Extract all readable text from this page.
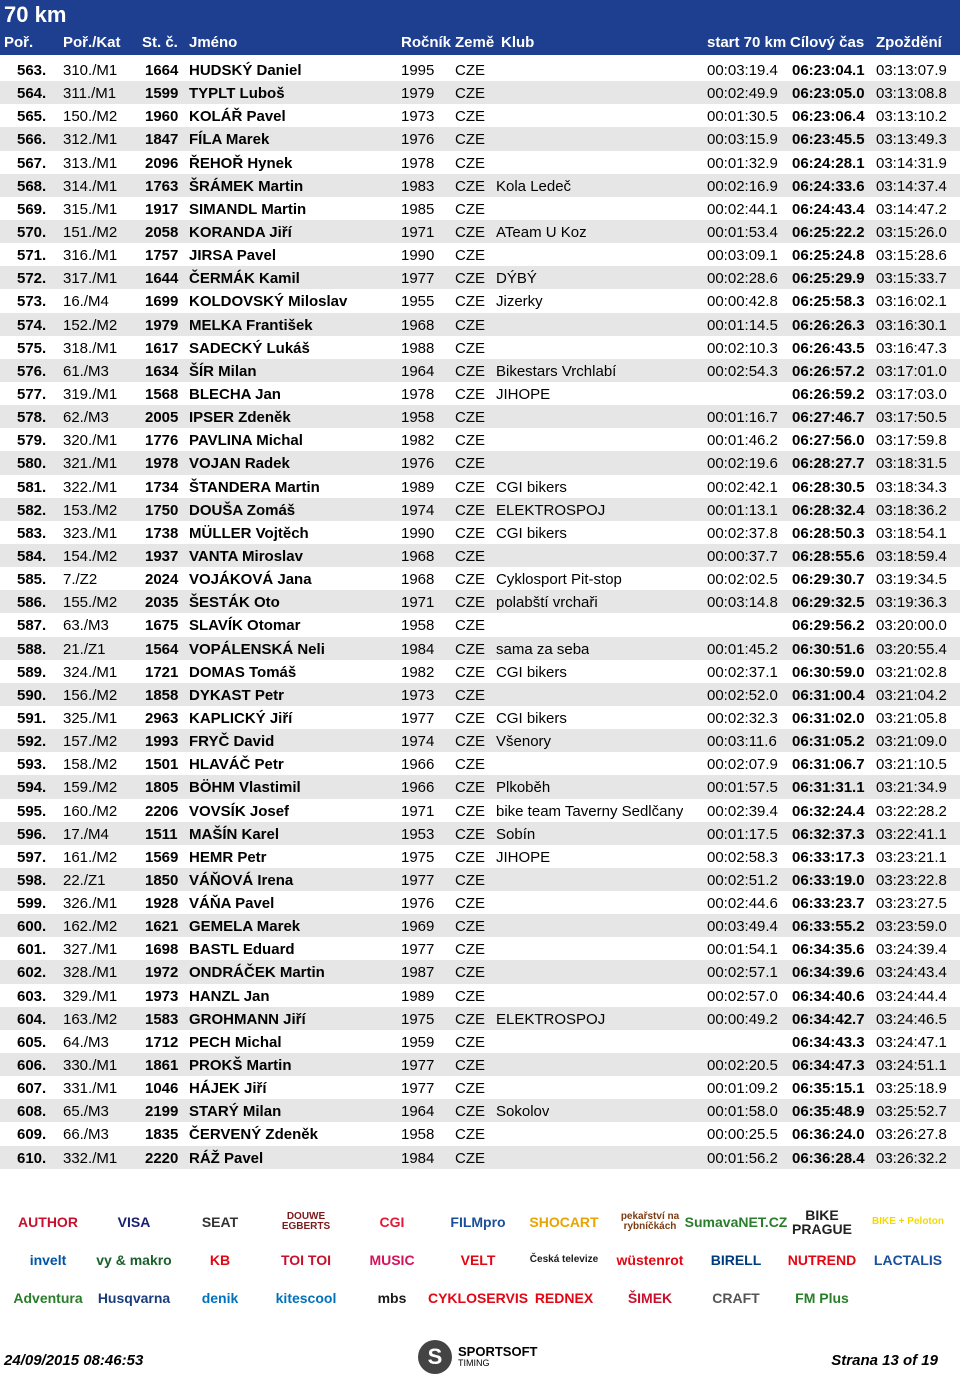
70 km
Poř. Poř./Kat St. č. Jméno	Ročník Země Klub	start 70 km Cílový čas Zpoždění
563. 310./M1 1664 HUDSKÝ Daniel	1995 CZE	00:03:19.4 06:23:04.1 03:13:07.9
564. 311./M1 1599 TYPLT Luboš	1979 CZE	00:02:49.9 06:23:05.0 03:13:08.8
565. 150./M2 1960 KOLÁŘ Pavel	1973 CZE	00:01:30.5 06:23:06.4 03:13:10.2
566. 312./M1 1847 FÍLA Marek	1976 CZE	00:03:15.9 06:23:45.5 03:13:49.3
567. 313./M1 2096 ŘEHOŘ Hynek	1978 CZE	00:01:32.9 06:24:28.1 03:14:31.9
568. 314./M1 1763 ŠRÁMEK Martin	1983 CZE Kola Ledeč	00:02:16.9 06:24:33.6 03:14:37.4
569. 315./M1 1917 SIMANDL Martin	1985 CZE	00:02:44.1 06:24:43.4 03:14:47.2
570. 151./M2 2058 KORANDA Jiří	1971 CZE ATeam U Koz	00:01:53.4 06:25:22.2 03:15:26.0
571. 316./M1 1757 JIRSA Pavel	1990 CZE	00:03:09.1 06:25:24.8 03:15:28.6
572. 317./M1 1644 ČERMÁK Kamil	1977 CZE DÝBÝ	00:02:28.6 06:25:29.9 03:15:33.7
573. 16./M4 1699 KOLDOVSKÝ Miloslav	1955 CZE Jizerky	00:00:42.8 06:25:58.3 03:16:02.1
574. 152./M2 1979 MELKA František	1968 CZE	00:01:14.5 06:26:26.3 03:16:30.1
575. 318./M1 1617 SADECKÝ Lukáš	1988 CZE	00:02:10.3 06:26:43.5 03:16:47.3
576. 61./M3 1634 ŠÍR Milan	1964 CZE Bikestars Vrchlabí	00:02:54.3 06:26:57.2 03:17:01.0
577. 319./M1 1568 BLECHA Jan	1978 CZE JIHOPE	06:26:59.2 03:17:03.0
578. 62./M3 2005 IPSER Zdeněk	1958 CZE	00:01:16.7 06:27:46.7 03:17:50.5
579. 320./M1 1776 PAVLINA Michal	1982 CZE	00:01:46.2 06:27:56.0 03:17:59.8
580. 321./M1 1978 VOJAN Radek	1976 CZE	00:02:19.6 06:28:27.7 03:18:31.5
581. 322./M1 1734 ŠTANDERA Martin	1989 CZE CGI bikers	00:02:42.1 06:28:30.5 03:18:34.3
582. 153./M2 1750 DOUŠA Zomáš	1974 CZE ELEKTROSPOJ	00:01:13.1 06:28:32.4 03:18:36.2
583. 323./M1 1738 MÜLLER Vojtěch	1990 CZE CGI bikers	00:02:37.8 06:28:50.3 03:18:54.1
584. 154./M2 1937 VANTA Miroslav	1968 CZE	00:00:37.7 06:28:55.6 03:18:59.4
585. 7./Z2	2024 VOJÁKOVÁ Jana	1968 CZE Cyklosport Pit-stop	00:02:02.5 06:29:30.7 03:19:34.5
586. 155./M2 2035 ŠESTÁK Oto	1971 CZE polabští vrchaři	00:03:14.8 06:29:32.5 03:19:36.3
587. 63./M3 1675 SLAVÍK Otomar	1958 CZE	06:29:56.2 03:20:00.0
588. 21./Z1	1564 VOPÁLENSKÁ Neli	1984 CZE sama za seba	00:01:45.2 06:30:51.6 03:20:55.4
589. 324./M1 1721 DOMAS Tomáš	1982 CZE CGI bikers	00:02:37.1 06:30:59.0 03:21:02.8
590. 156./M2 1858 DYKAST Petr	1973 CZE	00:02:52.0 06:31:00.4 03:21:04.2
591. 325./M1 2963 KAPLICKÝ Jiří	1977 CZE CGI bikers	00:02:32.3 06:31:02.0 03:21:05.8
592. 157./M2 1993 FRYČ David	1974 CZE Všenory	00:03:11.6 06:31:05.2 03:21:09.0
593. 158./M2 1501 HLAVÁČ Petr	1966 CZE	00:02:07.9 06:31:06.7 03:21:10.5
594. 159./M2 1805 BÖHM Vlastimil	1966 CZE Plkoběh	00:01:57.5 06:31:31.1 03:21:34.9
595. 160./M2 2206 VOVSÍK Josef	1971 CZE bike team Taverny Sedlčany 00:02:39.4 06:32:24.4 03:22:28.2
596. 17./M4 1511 MAŠÍN Karel	1953 CZE Sobín	00:01:17.5 06:32:37.3 03:22:41.1
597. 161./M2 1569 HEMR Petr	1975 CZE JIHOPE	00:02:58.3 06:33:17.3 03:23:21.1
598. 22./Z1	1850 VÁŇOVÁ Irena	1977 CZE	00:02:51.2 06:33:19.0 03:23:22.8
599. 326./M1 1928 VÁŇA Pavel	1976 CZE	00:02:44.6 06:33:23.7 03:23:27.5
600. 162./M2 1621 GEMELA Marek	1969 CZE	00:03:49.4 06:33:55.2 03:23:59.0
601. 327./M1 1698 BASTL Eduard	1977 CZE	00:01:54.1 06:34:35.6 03:24:39.4
602. 328./M1 1972 ONDRÁČEK Martin	1987 CZE	00:02:57.1 06:34:39.6 03:24:43.4
603. 329./M1 1973 HANZL Jan	1989 CZE	00:02:57.0 06:34:40.6 03:24:44.4
604. 163./M2 1583 GROHMANN Jiří	1975 CZE ELEKTROSPOJ	00:00:49.2 06:34:42.7 03:24:46.5
605. 64./M3 1712 PECH Michal	1959 CZE	06:34:43.3 03:24:47.1
606. 330./M1 1861 PROKŠ Martin	1977 CZE	00:02:20.5 06:34:47.3 03:24:51.1
607. 331./M1 1046 HÁJEK Jiří	1977 CZE	00:01:09.2 06:35:15.1 03:25:18.9
608. 65./M3 2199 STARÝ Milan	1964 CZE Sokolov	00:01:58.0 06:35:48.9 03:25:52.7
609. 66./M3 1835 ČERVENÝ Zdeněk	1958 CZE	00:00:25.5 06:36:24.0 03:26:27.8
610. 332./M1 2220 RÁŽ Pavel	1984 CZE	00:01:56.2 06:36:28.4 03:26:32.2
AUTHOR	VISA	SEAT	DOUWE EGBERTS	CGI	FILMpro	SHOCART	pekařství na rybníčkách SumavaNET.CZ	BIKE PRAGUE	BIKE + Peloton
invelt	vy & makro	KB	TOI TOI	MUSIC	VELT	Česká televize	wüstenrot	BIRELL	NUTREND	LACTALIS
Adventura	Husqvarna	denik	kitescool	mbs	CYKLOSERVIS REDNEX	ŠIMEK	CRAFT	FM Plus
24/09/2015 08:46:53	S	SPORTSOFT
TIMING	Strana 13 of 19
